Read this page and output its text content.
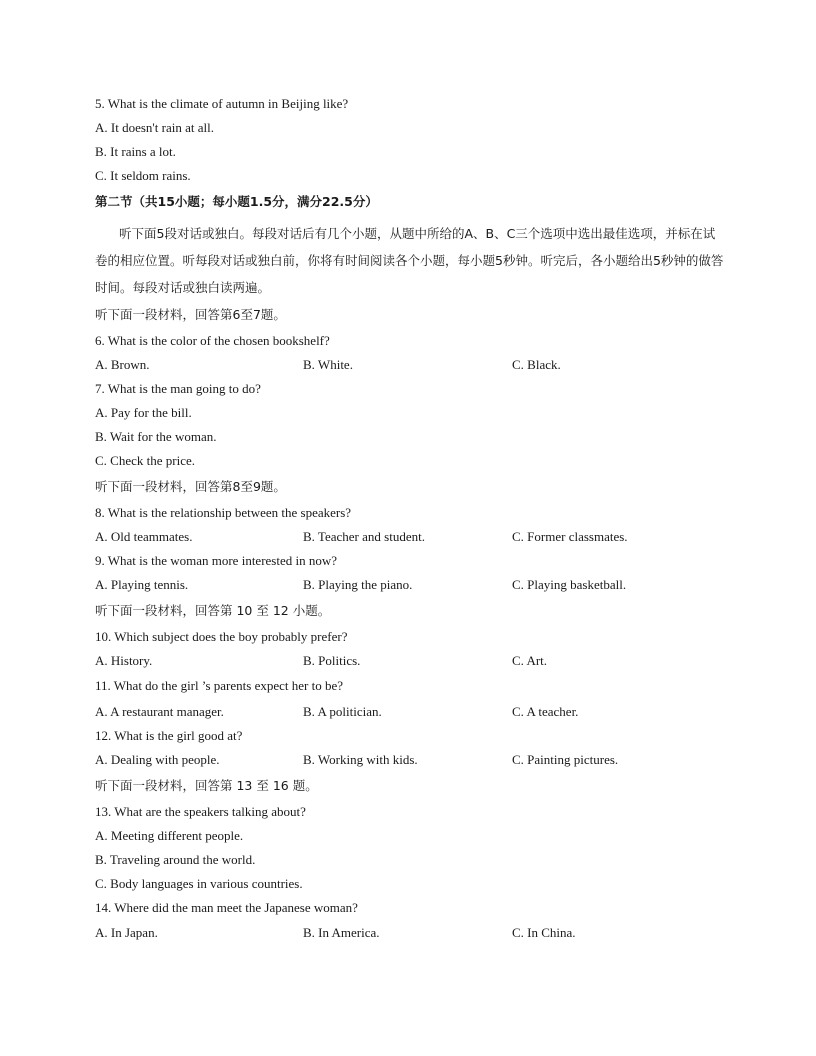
5. What is the climate of autumn in Beijing like?
A. It doesn't rain at all.
B. It rains a lot.
C. It seldom rains.
第二节（共15小题；每小题1.5分，满分22.5分）
听下面5段对话或独白。每段对话后有几个小题，从题中所给的A、B、C三个选项中选出最佳选项，并标在试卷的相应位置。听每段对话或独白前，你将有时间阅读各个小题，每小题5秒钟。听完后，各小题给出5秒钟的做答时间。每段对话或独白读两遍。
听下面一段材料，回答第6至7题。
6. What is the color of the chosen bookshelf?
A. Brown.	B. White.	C. Black.
7. What is the man going to do?
A. Pay for the bill.
B. Wait for the woman.
C. Check the price.
听下面一段材料，回答第8至9题。
8. What is the relationship between the speakers?
A. Old teammates.	B. Teacher and student.	C. Former classmates.
9. What is the woman more interested in now?
A. Playing tennis.	B. Playing the piano.	C. Playing basketball.
听下面一段材料，回答第 10 至 12 小题。
10. Which subject does the boy probably prefer?
A. History.	B. Politics.	C. Art.
11. What do the girl ’s parents expect her to be?
A. A restaurant manager.	B. A politician.	C. A teacher.
12. What is the girl good at?
A. Dealing with people.	B. Working with kids.	C. Painting pictures.
听下面一段材料，回答第 13 至 16 题。
13. What are the speakers talking about?
A. Meeting different people.
B. Traveling around the world.
C. Body languages in various countries.
14. Where did the man meet the Japanese woman?
A. In Japan.	B. In America.	C. In China.
